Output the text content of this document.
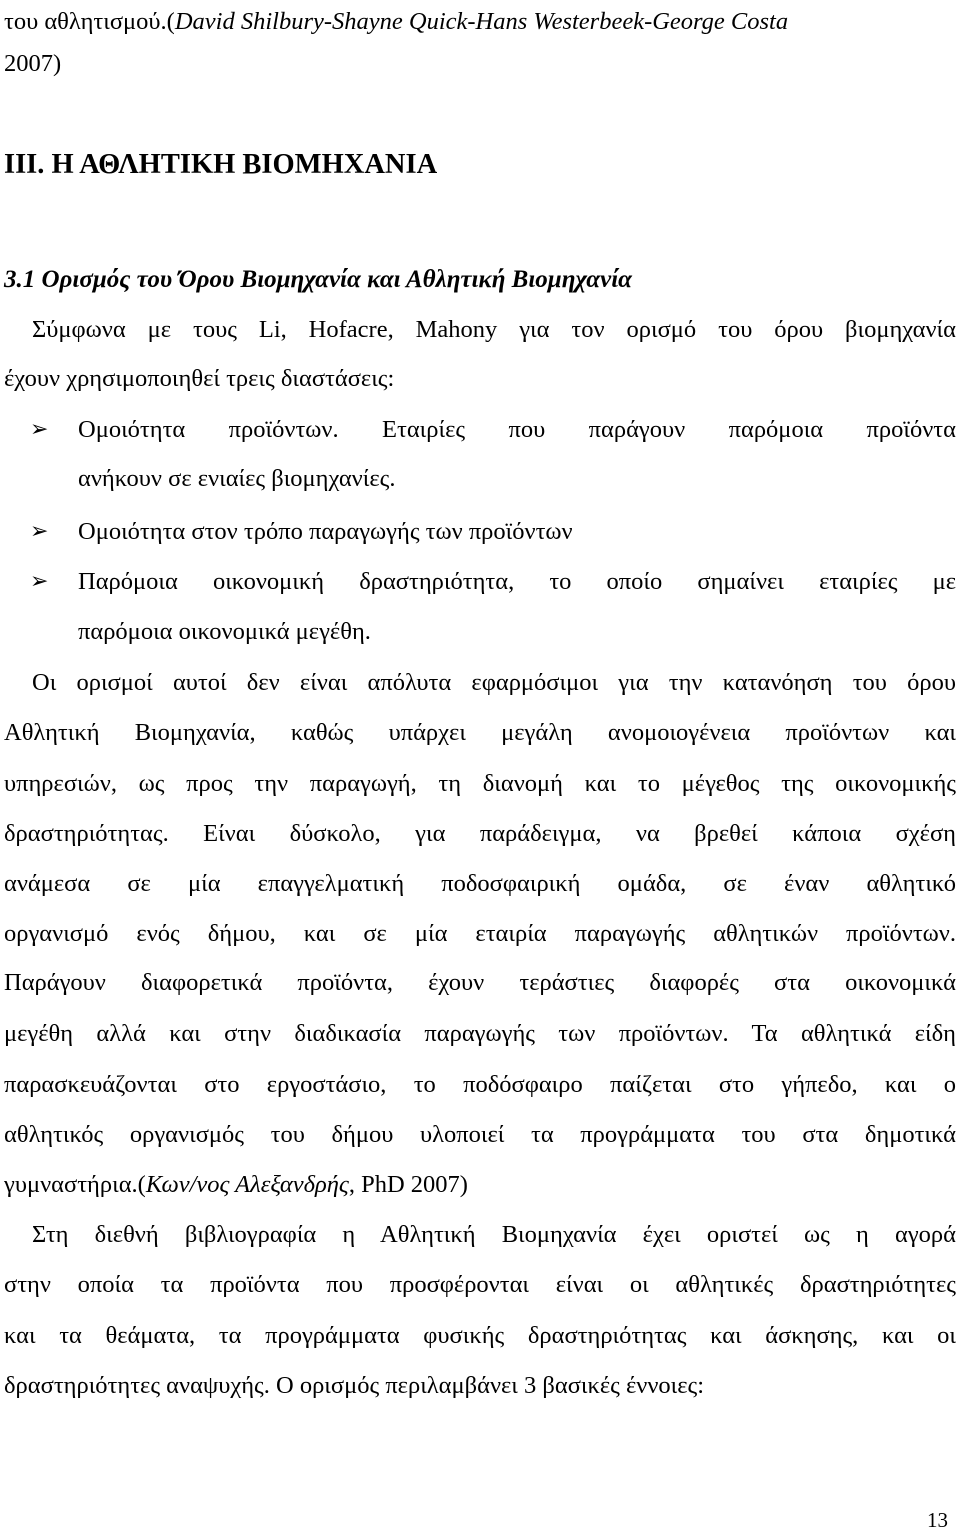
του αθλητισμού.(David Shilbury-Shayne Quick-Hans Westerbeek-George Costa
2007)
ΙΙΙ. Η ΑΘΛΗΤΙΚΗ ΒΙΟΜΗΧΑΝΙΑ
3.1 Ορισμός του Όρου Βιομηχανία και Αθλητική Βιομηχανία
Σύμφωνα με τους Li, Hofacre, Mahony για τον ορισμό του όρου βιομηχανία
έχουν χρησιμοποιηθεί τρεις διαστάσεις:
➢	Ομοιότητα προϊόντων. Εταιρίες που παράγουν παρόμοια προϊόντα
ανήκουν σε ενιαίες βιομηχανίες.
➢	Ομοιότητα στον τρόπο παραγωγής των προϊόντων
➢	Παρόμοια οικονομική δραστηριότητα, το οποίο σημαίνει εταιρίες με
παρόμοια οικονομικά μεγέθη.
Οι ορισμοί αυτοί δεν είναι απόλυτα εφαρμόσιμοι για την κατανόηση του όρου
Αθλητική Βιομηχανία, καθώς υπάρχει μεγάλη ανομοιογένεια προϊόντων και
υπηρεσιών, ως προς την παραγωγή, τη διανομή και το μέγεθος της οικονομικής
δραστηριότητας. Είναι δύσκολο, για παράδειγμα, να βρεθεί κάποια σχέση
ανάμεσα σε μία επαγγελματική ποδοσφαιρική ομάδα, σε έναν αθλητικό
οργανισμό ενός δήμου, και σε μία εταιρία παραγωγής αθλητικών προϊόντων.
Παράγουν διαφορετικά προϊόντα, έχουν τεράστιες διαφορές στα οικονομικά
μεγέθη αλλά και στην διαδικασία παραγωγής των προϊόντων. Τα αθλητικά είδη
παρασκευάζονται στο εργοστάσιο, το ποδόσφαιρο παίζεται στο γήπεδο, και ο
αθλητικός οργανισμός του δήμου υλοποιεί τα προγράμματα του στα δημοτικά
γυμναστήρια.(Κων/νος Αλεξανδρής, PhD 2007)
Στη διεθνή βιβλιογραφία η Αθλητική Βιομηχανία έχει οριστεί ως η αγορά
στην οποία τα προϊόντα που προσφέρονται είναι οι αθλητικές δραστηριότητες
και τα θεάματα, τα προγράμματα φυσικής δραστηριότητας και άσκησης, και οι
δραστηριότητες αναψυχής. Ο ορισμός περιλαμβάνει 3 βασικές έννοιες:
13
